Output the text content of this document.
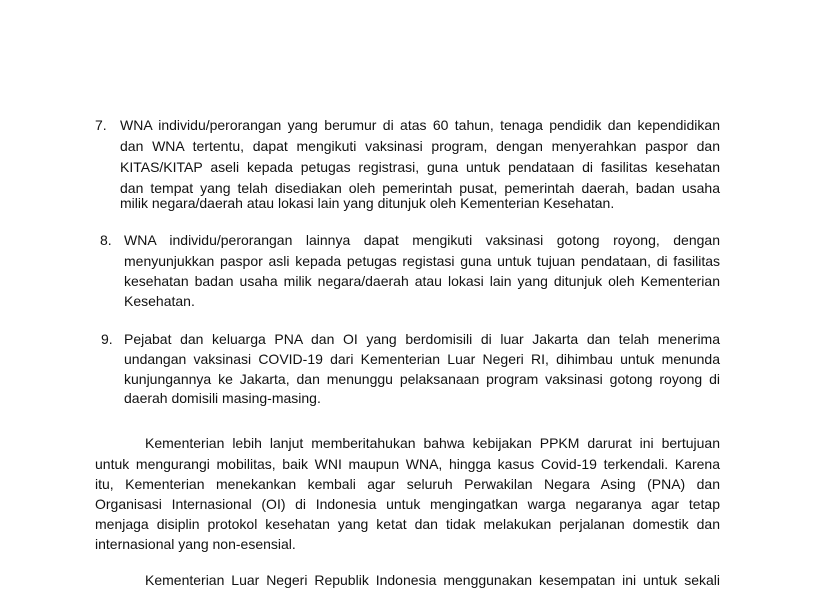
7. WNA individu/perorangan yang berumur di atas 60 tahun, tenaga pendidik dan kependidikan
dan WNA tertentu, dapat mengikuti vaksinasi program, dengan menyerahkan paspor dan
KITAS/KITAP aseli kepada petugas registrasi, guna untuk pendataan di fasilitas kesehatan
dan tempat yang telah disediakan oleh pemerintah pusat, pemerintah daerah, badan usaha
milik negara/daerah atau lokasi lain yang ditunjuk oleh Kementerian Kesehatan.
8. WNA individu/perorangan lainnya dapat mengikuti vaksinasi gotong royong, dengan
menyunjukkan paspor asli kepada petugas registasi guna untuk tujuan pendataan, di fasilitas
kesehatan badan usaha milik negara/daerah atau lokasi lain yang ditunjuk oleh Kementerian
Kesehatan.
9. Pejabat dan keluarga PNA dan OI yang berdomisili di luar Jakarta dan telah menerima
undangan vaksinasi COVID-19 dari Kementerian Luar Negeri RI, dihimbau untuk menunda
kunjungannya ke Jakarta, dan menunggu pelaksanaan program vaksinasi gotong royong di
daerah domisili masing-masing.
Kementerian lebih lanjut memberitahukan bahwa kebijakan PPKM darurat ini bertujuan
untuk mengurangi mobilitas, baik WNI maupun WNA, hingga kasus Covid-19 terkendali. Karena
itu, Kementerian menekankan kembali agar seluruh Perwakilan Negara Asing (PNA) dan
Organisasi Internasional (OI) di Indonesia untuk mengingatkan warga negaranya agar tetap
menjaga disiplin protokol kesehatan yang ketat dan tidak melakukan perjalanan domestik dan
internasional yang non-esensial.
Kementerian Luar Negeri Republik Indonesia menggunakan kesempatan ini untuk sekali
